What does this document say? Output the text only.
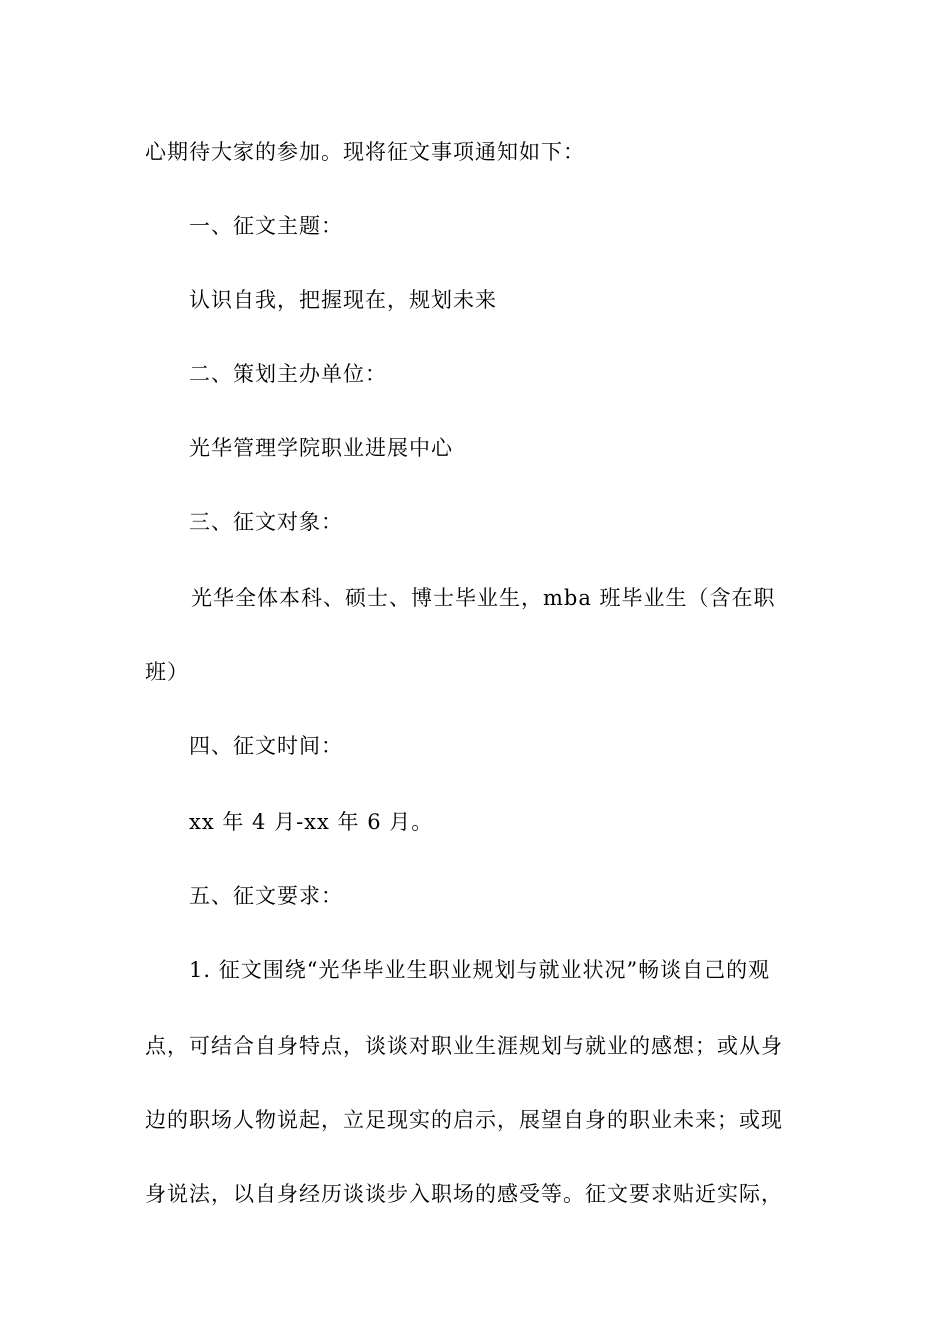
心期待大家的参加。现将征文事项通知如下：
一、征文主题：
认识自我，把握现在，规划未来
二、策划主办单位：
光华管理学院职业进展中心
三、征文对象：
光华全体本科、硕士、博士毕业生，mba 班毕业生（含在职
班）
四、征文时间：
xx 年 4 月-xx 年 6 月。
五、征文要求：
1. 征文围绕“光华毕业生职业规划与就业状况”畅谈自己的观
点，可结合自身特点，谈谈对职业生涯规划与就业的感想；或从身
边的职场人物说起，立足现实的启示，展望自身的职业未来；或现
身说法，以自身经历谈谈步入职场的感受等。征文要求贴近实际，
